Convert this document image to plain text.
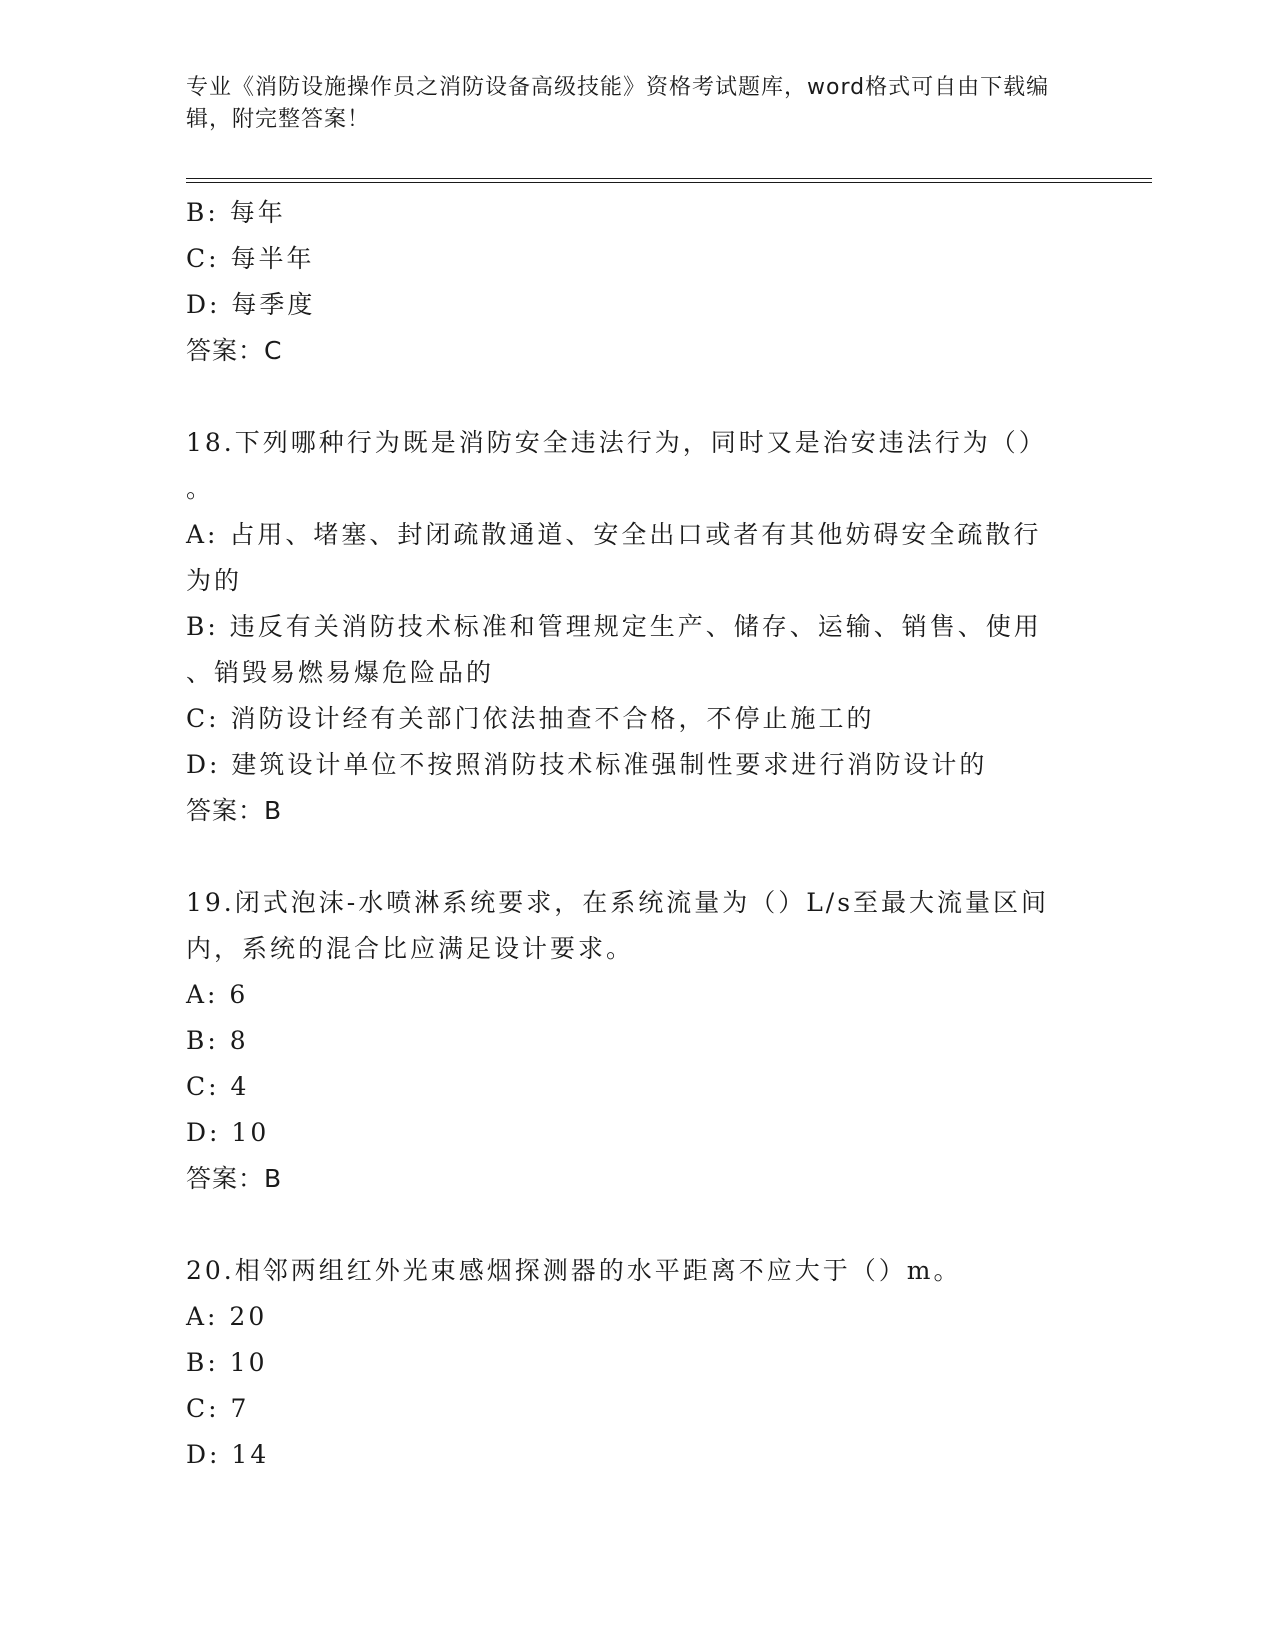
专业《消防设施操作员之消防设备高级技能》资格考试题库，word格式可自由下载编辑，附完整答案！

B: 每年

C: 每半年

D: 每季度

答案：C

18.下列哪种行为既是消防安全违法行为，同时又是治安违法行为（）

。

A: 占用、堵塞、封闭疏散通道、安全出口或者有其他妨碍安全疏散行

为的

B: 违反有关消防技术标准和管理规定生产、储存、运输、销售、使用

、销毁易燃易爆危险品的

C: 消防设计经有关部门依法抽查不合格，不停止施工的

D: 建筑设计单位不按照消防技术标准强制性要求进行消防设计的

答案：B

19.闭式泡沫-水喷淋系统要求，在系统流量为（）L/s至最大流量区间

内，系统的混合比应满足设计要求。

A: 6

B: 8

C: 4

D: 10

答案：B

20.相邻两组红外光束感烟探测器的水平距离不应大于（）m。

A: 20

B: 10

C: 7

D: 14
